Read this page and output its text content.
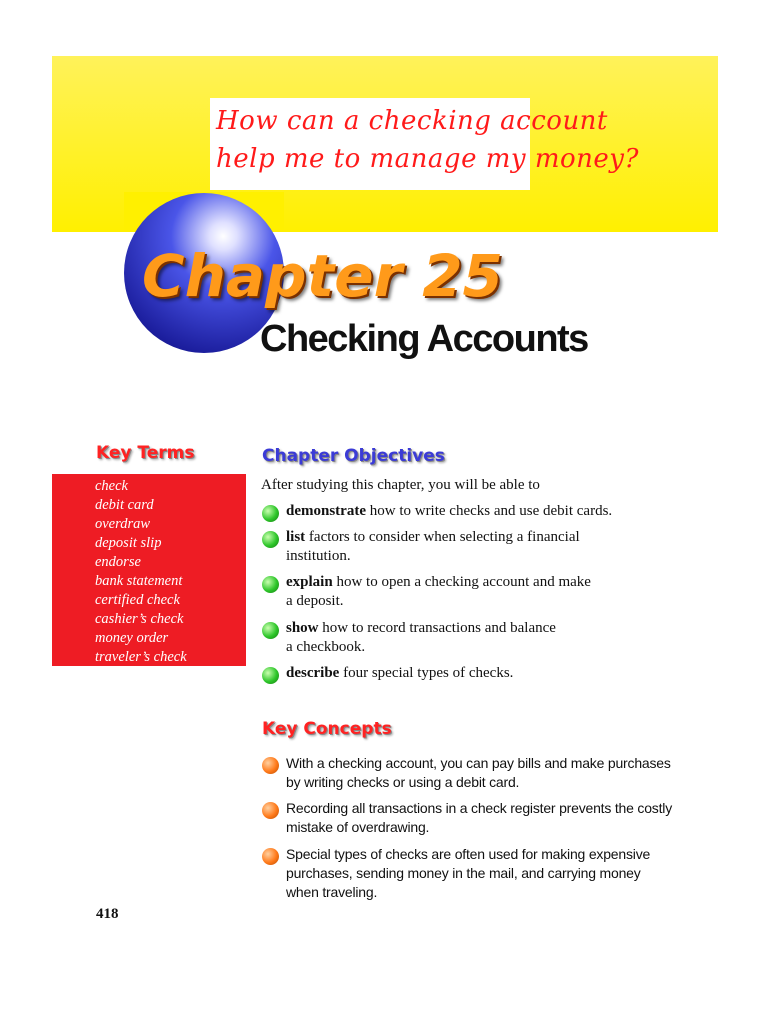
How can a checking account
help me to manage my money?
Chapter 25
Checking Accounts
Key Terms
check
debit card
overdraw
deposit slip
endorse
bank statement
certified check
cashier’s check
money order
traveler’s check
Chapter Objectives
After studying this chapter, you will be able to
demonstrate how to write checks and use debit cards.
list factors to consider when selecting a financial
institution.
explain how to open a checking account and make
a deposit.
show how to record transactions and balance
a checkbook.
describe four special types of checks.
Key Concepts
With a checking account, you can pay bills and make purchases
by writing checks or using a debit card.
Recording all transactions in a check register prevents the costly
mistake of overdrawing.
Special types of checks are often used for making expensive
purchases, sending money in the mail, and carrying money
when traveling.
418
